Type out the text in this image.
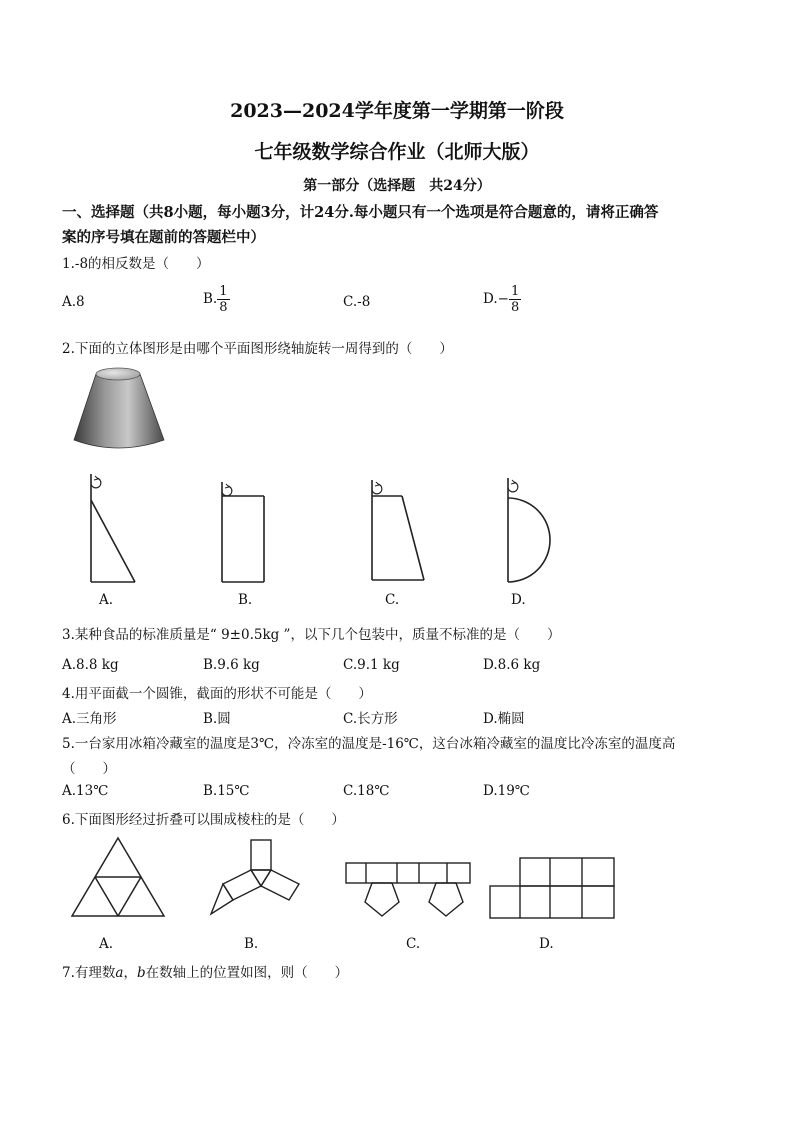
2023—2024学年度第一学期第一阶段
七年级数学综合作业（北师大版）
第一部分（选择题　共24分）
一、选择题（共8小题，每小题3分，计24分.每小题只有一个选项是符合题意的，请将正确答
案的序号填在题前的答题栏中）
1.-8的相反数是（　　）
A.8	B. $\frac{1}{8}$	C.-8	$D.- \frac{1}{8}$
2.下面的立体图形是由哪个平面图形绕轴旋转一周得到的（　　）
A.	B.	C.	D.
3.某种食品的标准质量是“ 9±0.5kg ”，以下几个包装中，质量不标准的是（　　）
A.8.8 kg	B.9.6 kg	C.9.1 kg	D.8.6 kg
4.用平面截一个圆锥，截面的形状不可能是（　　）
A.三角形	B.圆	C.长方形	D.椭圆
5.一台家用冰箱冷藏室的温度是3℃，冷冻室的温度是-16℃，这台冰箱冷藏室的温度比冷冻室的温度高
（　　）
A.13℃	B.15℃	C.18℃	D.19℃
6.下面图形经过折叠可以围成棱柱的是（　　）
A.	B.	C.	D.
7.有理数a，b在数轴上的位置如图，则（　　）
